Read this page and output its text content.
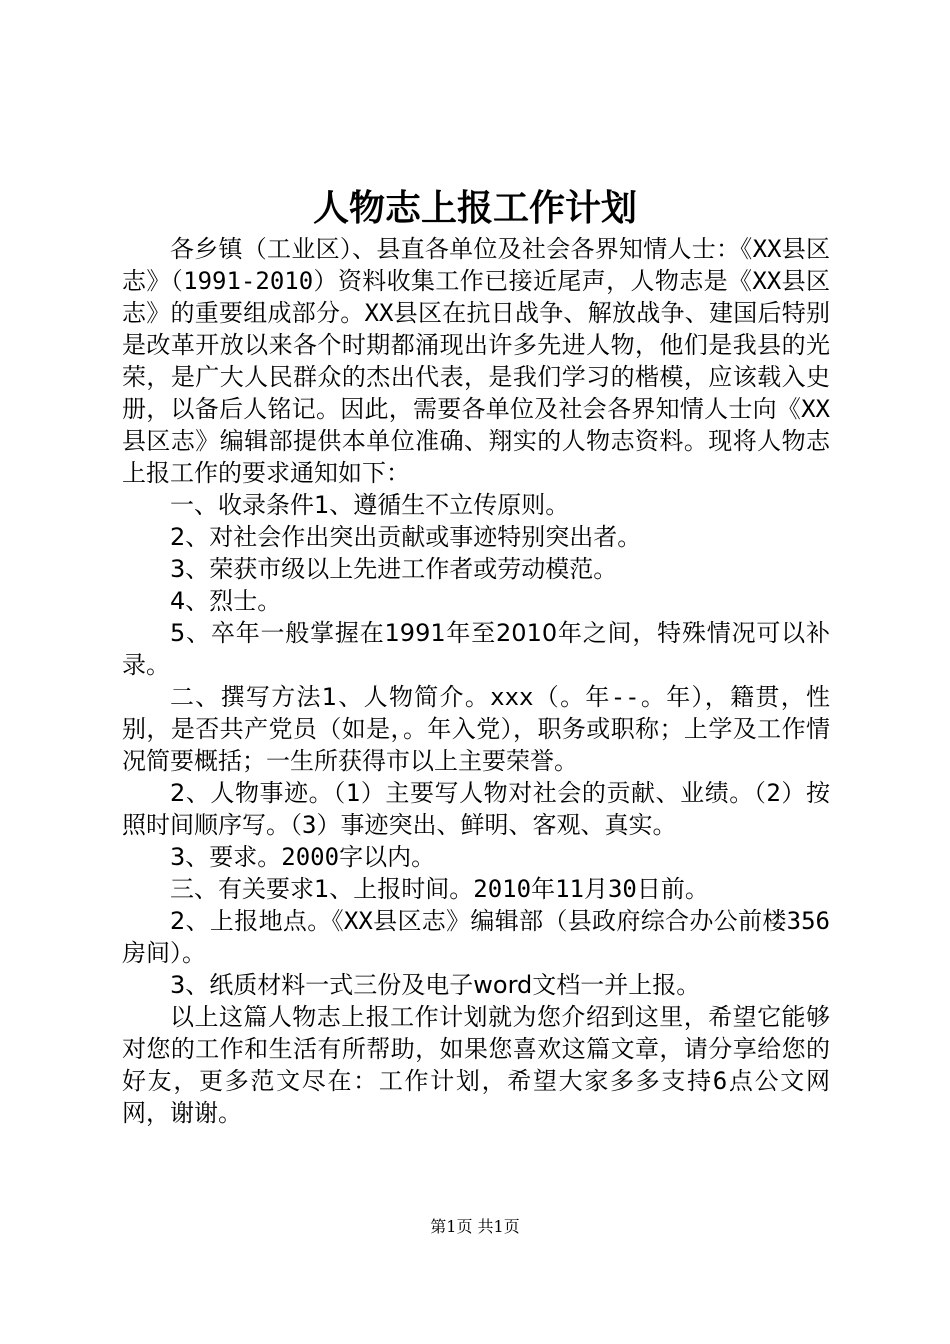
人物志上报工作计划

各乡镇（工业区）、县直各单位及社会各界知情人士：《XX县区志》（1991-2010）资料收集工作已接近尾声，人物志是《XX县区志》的重要组成部分。XX县区在抗日战争、解放战争、建国后特别是改革开放以来各个时期都涌现出许多先进人物，他们是我县的光荣，是广大人民群众的杰出代表，是我们学习的楷模，应该载入史册，以备后人铭记。因此，需要各单位及社会各界知情人士向《XX县区志》编辑部提供本单位准确、翔实的人物志资料。现将人物志上报工作的要求通知如下：

一、收录条件1、遵循生不立传原则。

2、对社会作出突出贡献或事迹特别突出者。

3、荣获市级以上先进工作者或劳动模范。

4、烈士。

5、卒年一般掌握在1991年至2010年之间，特殊情况可以补录。

二、撰写方法1、人物简介。xxx（。年--。年），籍贯，性别，是否共产党员（如是，。年入党），职务或职称；上学及工作情况简要概括；一生所获得市以上主要荣誉。

2、人物事迹。（1）主要写人物对社会的贡献、业绩。（2）按照时间顺序写。（3）事迹突出、鲜明、客观、真实。

3、要求。2000字以内。

三、有关要求1、上报时间。2010年11月30日前。

2、上报地点。《XX县区志》编辑部（县政府综合办公前楼356房间）。

3、纸质材料一式三份及电子word文档一并上报。

以上这篇人物志上报工作计划就为您介绍到这里，希望它能够对您的工作和生活有所帮助，如果您喜欢这篇文章，请分享给您的好友，更多范文尽在：工作计划，希望大家多多支持6点公文网网，谢谢。

第1页 共1页
